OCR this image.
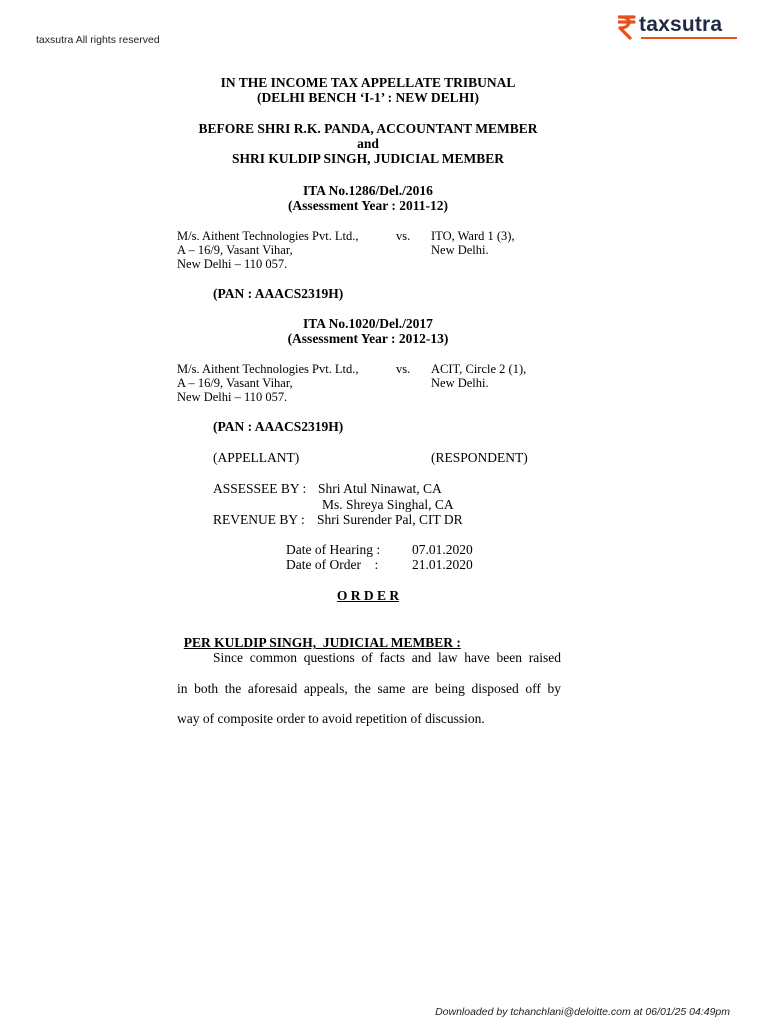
taxsutra All rights reserved
taxsutra
IN THE INCOME TAX APPELLATE TRIBUNAL
(DELHI BENCH ‘I-1’ : NEW DELHI)
BEFORE SHRI R.K. PANDA, ACCOUNTANT MEMBER
and
SHRI KULDIP SINGH, JUDICIAL MEMBER
ITA No.1286/Del./2016
(Assessment Year : 2011-12)
M/s. Aithent Technologies Pvt. Ltd.,
A – 16/9, Vasant Vihar,
New Delhi – 110 057.
vs. ITO, Ward 1 (3),
New Delhi.
(PAN : AAACS2319H)
ITA No.1020/Del./2017
(Assessment Year : 2012-13)
M/s. Aithent Technologies Pvt. Ltd.,
A – 16/9, Vasant Vihar,
New Delhi – 110 057.
vs. ACIT, Circle 2 (1),
New Delhi.
(PAN : AAACS2319H)
(APPELLANT)	(RESPONDENT)
ASSESSEE BY : Shri Atul Ninawat, CA
Ms. Shreya Singhal, CA
REVENUE BY : Shri Surender Pal, CIT DR
Date of Hearing : 07.01.2020
Date of Order    :	21.01.2020
O R D E R

PER KULDIP SINGH,  JUDICIAL MEMBER :

Since common questions of facts and law have been raised
in both the aforesaid appeals, the same are being disposed off by
way of composite order to avoid repetition of discussion.
Downloaded by tchanchlani@deloitte.com at 06/01/25 04:49pm
